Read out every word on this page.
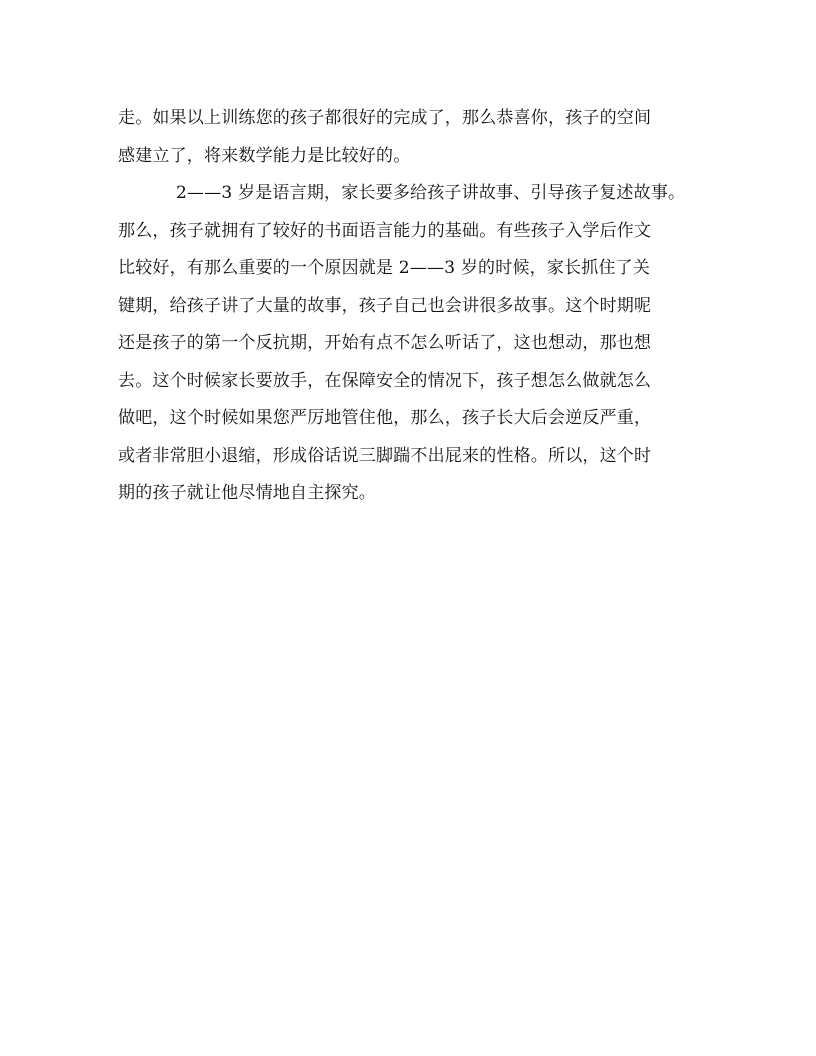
走。如果以上训练您的孩子都很好的完成了，那么恭喜你，孩子的空间
感建立了，将来数学能力是比较好的。
2——3 岁是语言期，家长要多给孩子讲故事、引导孩子复述故事。
那么，孩子就拥有了较好的书面语言能力的基础。有些孩子入学后作文
比较好，有那么重要的一个原因就是 2——3 岁的时候，家长抓住了关
键期，给孩子讲了大量的故事，孩子自己也会讲很多故事。这个时期呢
还是孩子的第一个反抗期，开始有点不怎么听话了，这也想动，那也想
去。这个时候家长要放手，在保障安全的情况下，孩子想怎么做就怎么
做吧，这个时候如果您严厉地管住他，那么，孩子长大后会逆反严重，
或者非常胆小退缩，形成俗话说三脚踹不出屁来的性格。所以，这个时
期的孩子就让他尽情地自主探究。
